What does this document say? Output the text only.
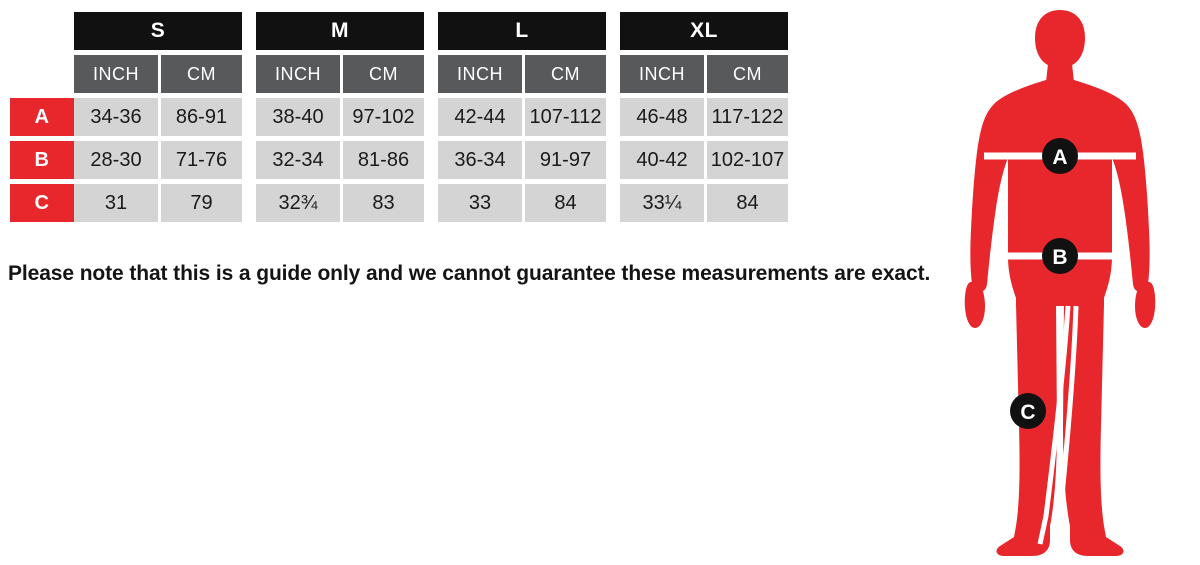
	S			M			L			XL	

	INCH	CM		INCH	CM		INCH	CM		INCH	CM

A	34-36	86-91		38-40	97-102		42-44	107-112		46-48	117-122

B	28-30	71-76		32-34	81-86		36-34	91-97		40-42	102-107

C	31	79		32¾	83		33	84		33¼	84
Please note that this is a guide only and we cannot guarantee these measurements are exact.
A
B
C
